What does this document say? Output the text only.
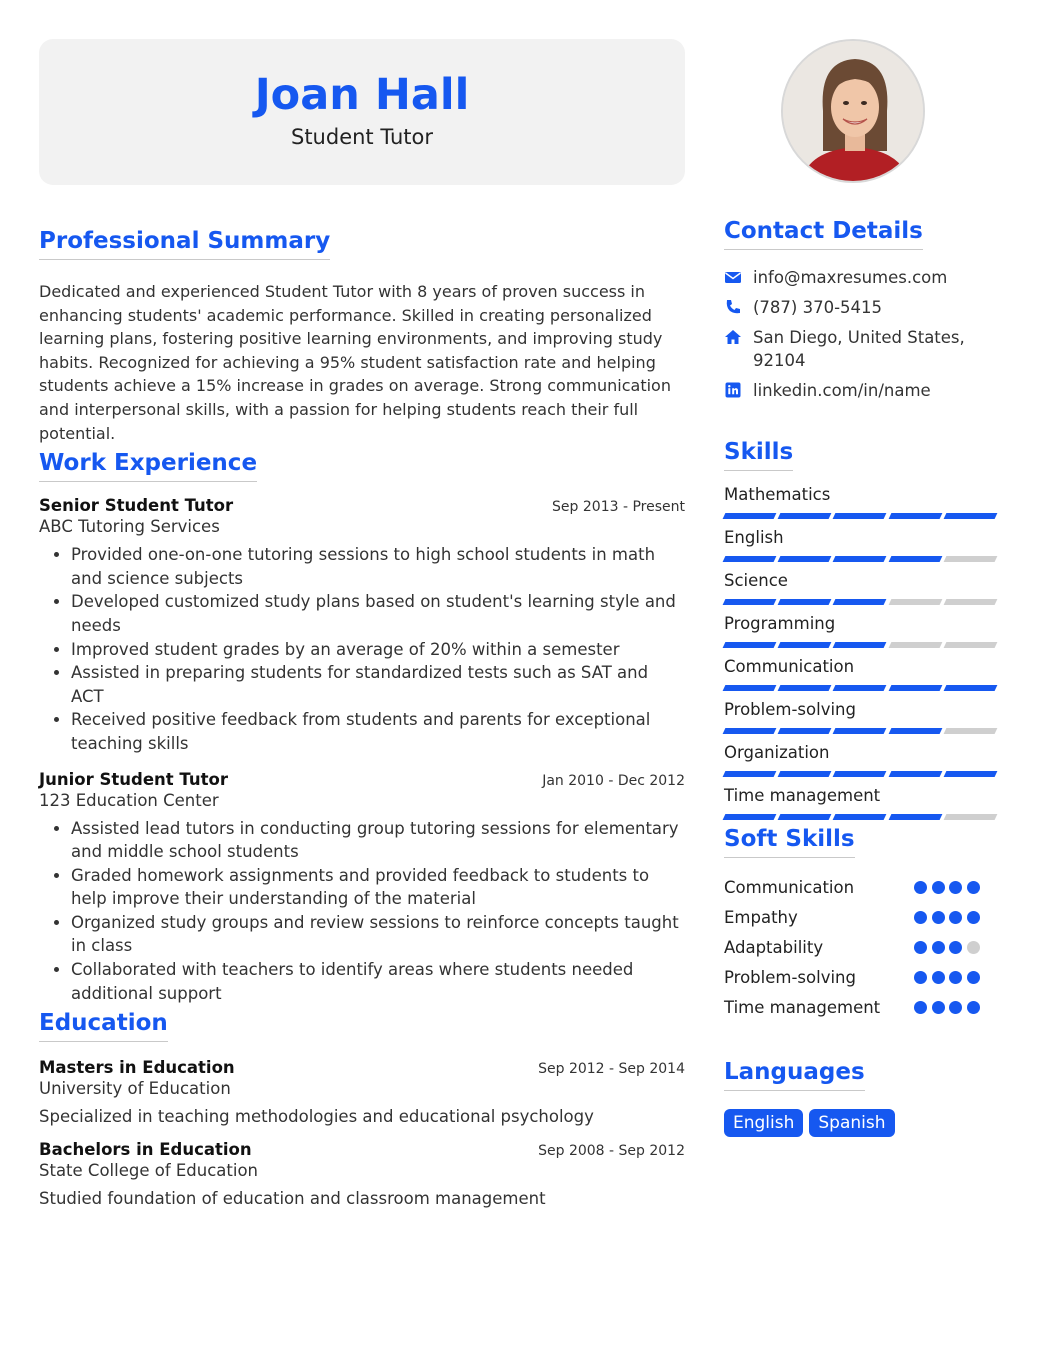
Joan Hall
Student Tutor
Professional Summary

Dedicated and experienced Student Tutor with 8 years of proven success in enhancing students' academic performance. Skilled in creating personalized learning plans, fostering positive learning environments, and improving study habits. Recognized for achieving a 95% student satisfaction rate and helping students achieve a 15% increase in grades on average. Strong communication and interpersonal skills, with a passion for helping students reach their full potential.

Work Experience
Senior Student Tutor	Sep 2013 - Present
ABC Tutoring Services
• Provided one-on-one tutoring sessions to high school students in math and science subjects
• Developed customized study plans based on student's learning style and needs
• Improved student grades by an average of 20% within a semester
• Assisted in preparing students for standardized tests such as SAT and ACT
• Received positive feedback from students and parents for exceptional teaching skills
Junior Student Tutor	Jan 2010 - Dec 2012
123 Education Center
• Assisted lead tutors in conducting group tutoring sessions for elementary and middle school students
• Graded homework assignments and provided feedback to students to help improve their understanding of the material
• Organized study groups and review sessions to reinforce concepts taught in class
• Collaborated with teachers to identify areas where students needed additional support
Education
Masters in Education	Sep 2012 - Sep 2014
University of Education
Specialized in teaching methodologies and educational psychology
Bachelors in Education	Sep 2008 - Sep 2012
State College of Education
Studied foundation of education and classroom management
Contact Details
info@maxresumes.com
(787) 370-5415
San Diego, United States, 92104
linkedin.com/in/name
Skills
Mathematics
English
Science
Programming
Communication
Problem-solving
Organization
Time management
Soft Skills
Communication
Empathy
Adaptability
Problem-solving
Time management
Languages
English	Spanish
